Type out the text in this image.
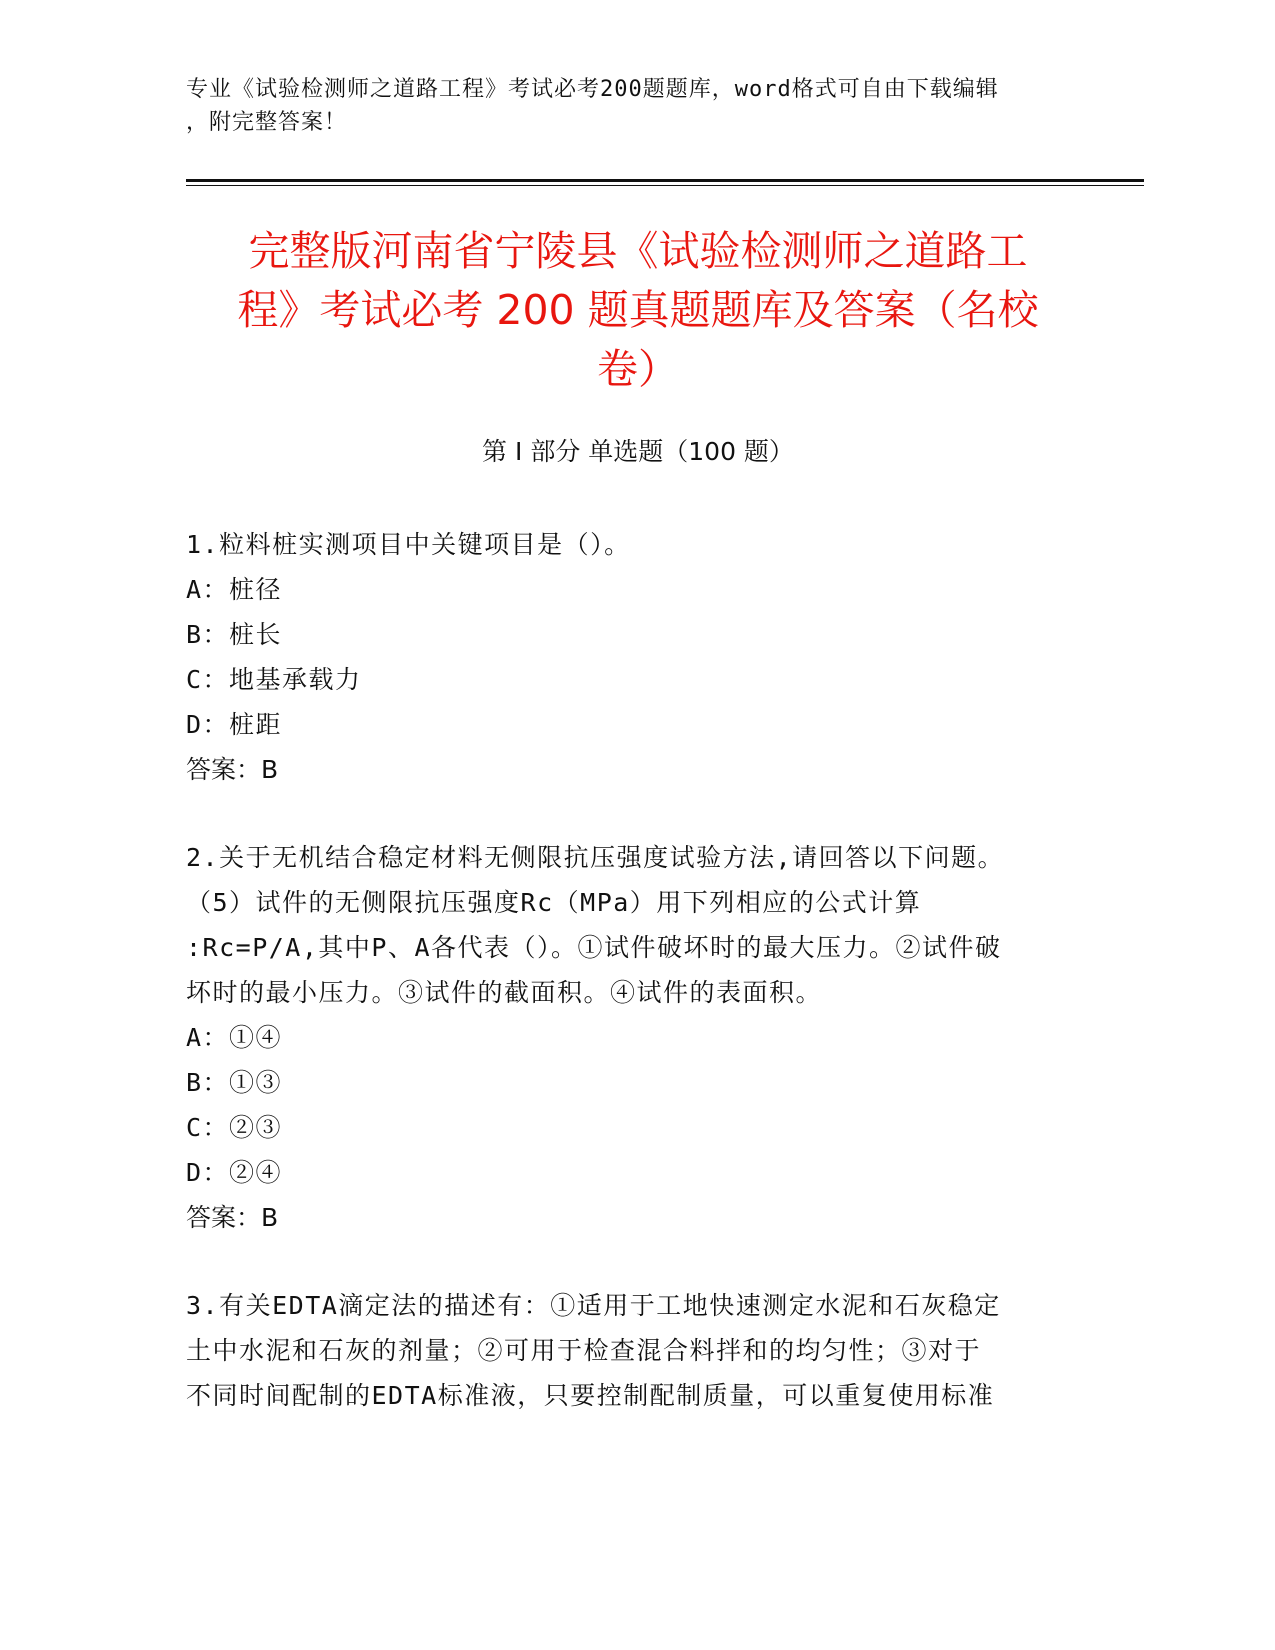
专业《试验检测师之道路工程》考试必考200题题库，word格式可自由下载编辑
，附完整答案！
完整版河南省宁陵县《试验检测师之道路工
程》考试必考 200 题真题题库及答案（名校
卷）
第 I 部分 单选题（100 题）
1.粒料桩实测项目中关键项目是（）。
A：桩径
B：桩长
C：地基承载力
D：桩距
答案：B
2.关于无机结合稳定材料无侧限抗压强度试验方法,请回答以下问题。
（5）试件的无侧限抗压强度Rc（MPa）用下列相应的公式计算
:Rc=P/A,其中P、A各代表（）。①试件破坏时的最大压力。②试件破
坏时的最小压力。③试件的截面积。④试件的表面积。
A：①④
B：①③
C：②③
D：②④
答案：B
3.有关EDTA滴定法的描述有：①适用于工地快速测定水泥和石灰稳定
土中水泥和石灰的剂量；②可用于检查混合料拌和的均匀性；③对于
不同时间配制的EDTA标准液，只要控制配制质量，可以重复使用标准
